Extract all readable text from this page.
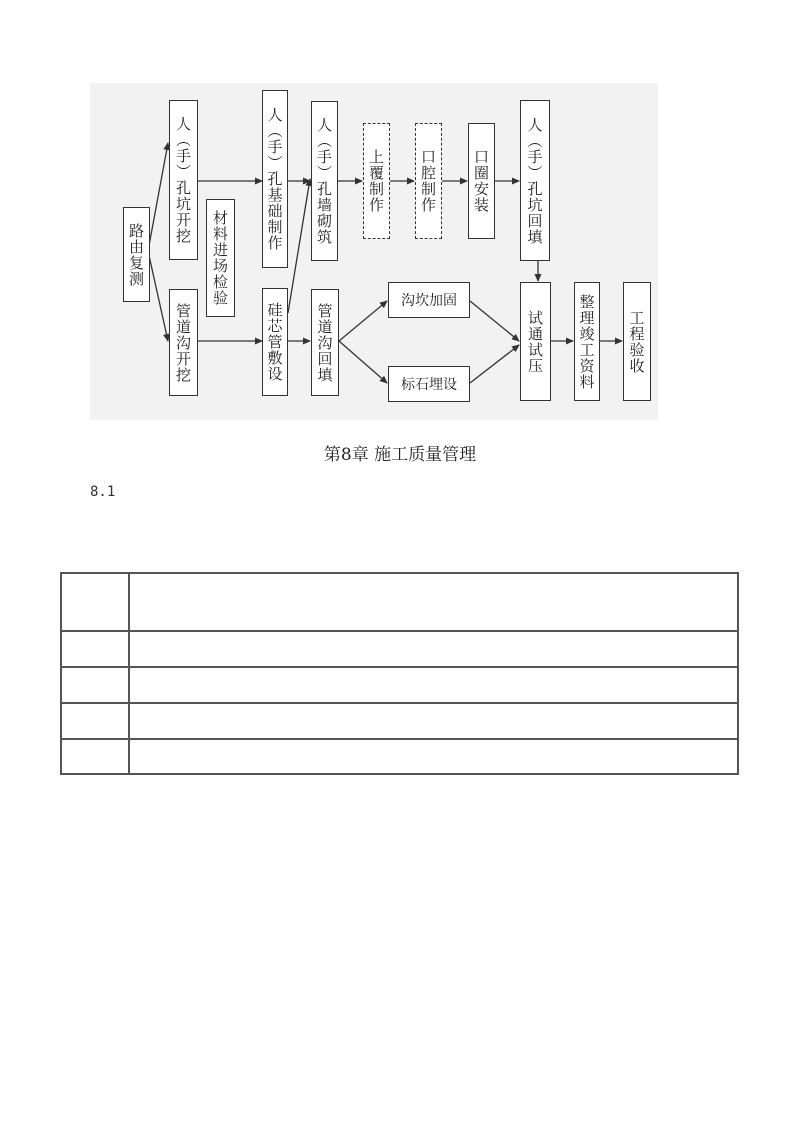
路由复测
人（手）孔坑开挖
管道沟开挖
材料进场检验
人（手）孔基础制作
硅芯管敷设
人（手）孔墙砌筑
管道沟回填
上覆制作 口腔制作 口圈安装 人（手）孔坑回填
沟坎加固
标石埋设
试通试压 整理竣工资料 工程验收
第8章 施工质量管理
8.1
